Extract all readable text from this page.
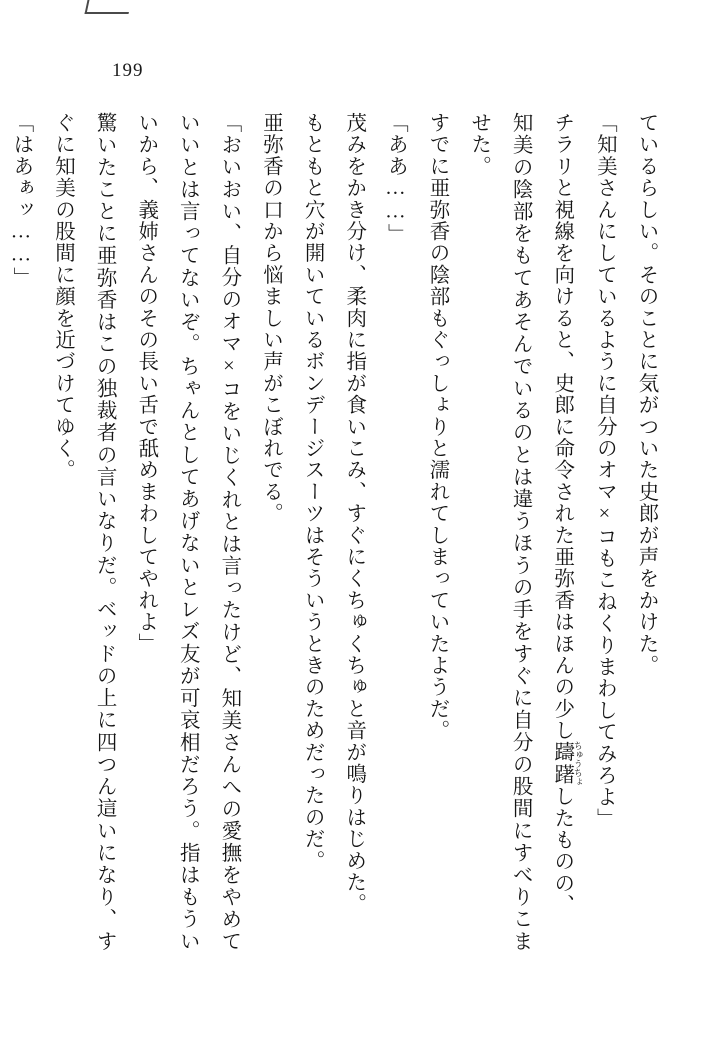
199

ているらしい。そのことに気がついた史郎が声をかけた。

「知美さんにしているように自分のオマ×コもこねくりまわしてみろよ」

チラリと視線を向けると、史郎に命令された亜弥香はほんの少し躊躇 ちゅうちょしたものの、

知美の陰部をもてあそんでいるのとは違うほうの手をすぐに自分の股間にすべりこませた。

すでに亜弥香の陰部もぐっしょりと濡れてしまっていたようだ。

「ああ……」

茂みをかき分け、柔肉に指が食いこみ、すぐにくちゅくちゅと音が鳴りはじめた。

もともと穴が開いているボンデージスーツはそういうときのためだったのだ。

亜弥香の口から悩ましい声がこぼれでる。

「おいおい、自分のオマ×コをいじくれとは言ったけど、知美さんへの愛撫をやめていいとは言ってないぞ。ちゃんとしてあげないとレズ友が可哀相だろう。指はもういいから、義姉さんのその長い舌で舐めまわしてやれよ」

驚いたことに亜弥香はこの独裁者の言いなりだ。ベッドの上に四つん這いになり、すぐに知美の股間に顔を近づけてゆく。

「はあぁッ……」
